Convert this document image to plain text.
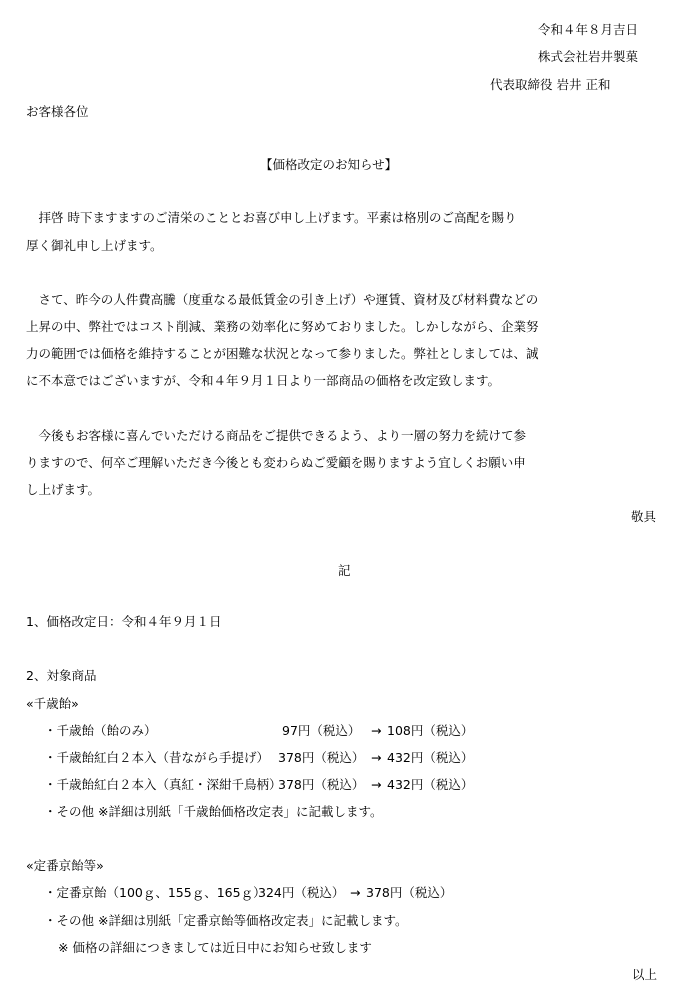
令和４年８月吉日
株式会社岩井製菓
代表取締役 岩井 正和
お客様各位
【価格改定のお知らせ】
　拝啓 時下ますますのご清栄のこととお喜び申し上げます。平素は格別のご高配を賜り
厚く御礼申し上げます。
　さて、昨今の人件費高騰（度重なる最低賃金の引き上げ）や運賃、資材及び材料費などの
上昇の中、弊社ではコスト削減、業務の効率化に努めておりました。しかしながら、企業努
力の範囲では価格を維持することが困難な状況となって参りました。弊社としましては、誠
に不本意ではございますが、令和４年９月１日より一部商品の価格を改定致します。
　今後もお客様に喜んでいただける商品をご提供できるよう、より一層の努力を続けて参
りますので、何卒ご理解いただき今後とも変わらぬご愛顧を賜りますよう宜しくお願い申
し上げます。
敬具
記
1、価格改定日：令和４年９月１日
2、対象商品
«千歳飴»
・千歳飴（飴のみ）	97円（税込） → 108円（税込）
・千歳飴紅白２本入（昔ながら手提げ） 378円（税込） → 432円（税込）
・千歳飴紅白２本入（真紅・深紺千鳥柄）
378円（税込） → 432円（税込）
・その他 ※詳細は別紙「千歳飴価格改定表」に記載します。
«定番京飴等»
・定番京飴（100ｇ、155ｇ、165ｇ）
324円（税込） → 378円（税込）
・その他 ※詳細は別紙「定番京飴等価格改定表」に記載します。
※ 価格の詳細につきましては近日中にお知らせ致します
以上
